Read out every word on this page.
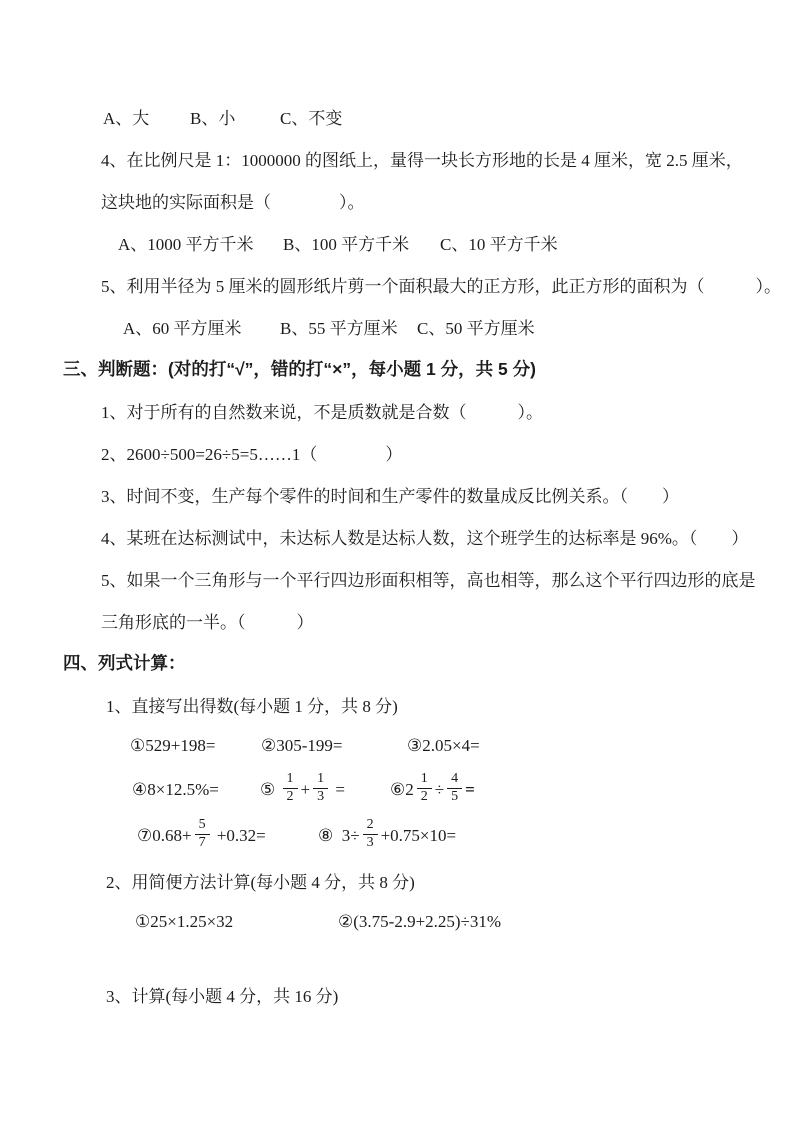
A、大	B、小	C、不变
4、在比例尺是 1：1000000 的图纸上，量得一块长方形地的长是 4 厘米，宽 2.5 厘米，
这块地的实际面积是（　　　　）。
A、1000 平方千米	B、100 平方千米	C、10 平方千米
5、利用半径为 5 厘米的圆形纸片剪一个面积最大的正方形，此正方形的面积为（　　　）。
A、60 平方厘米	B、55 平方厘米	C、50 平方厘米
三、判断题：(对的打“√”，错的打“×”，每小题 1 分，共 5 分)
1、对于所有的自然数来说，不是质数就是合数（　　　）。
2、2600÷500=26÷5=5……1（　　　　）
3、时间不变，生产每个零件的时间和生产零件的数量成反比例关系。（　　）
4、某班在达标测试中，未达标人数是达标人数，这个班学生的达标率是 96%。（　　）
5、如果一个三角形与一个平行四边形面积相等，高也相等，那么这个平行四边形的底是
三角形底的一半。（　　　）
四、列式计算：
1、直接写出得数(每小题 1 分，共 8 分)
①529+198=	②305-199=	③2.05×4=
④8×12.5%= ⑤ $\frac{1}{2} + \frac{1}{3}$ =	⑥2 $\frac{1}{2} \div \frac{4}{5}$ =
⑦0.68+ $\frac{5}{7} +0.32=$	⑧  $3\div \frac{2}{3} +0.75\times 10=$
2、用简便方法计算(每小题 4 分，共 8 分)
①25×1.25×32	②(3.75-2.9+2.25)÷31%
3、计算(每小题 4 分，共 16 分)
